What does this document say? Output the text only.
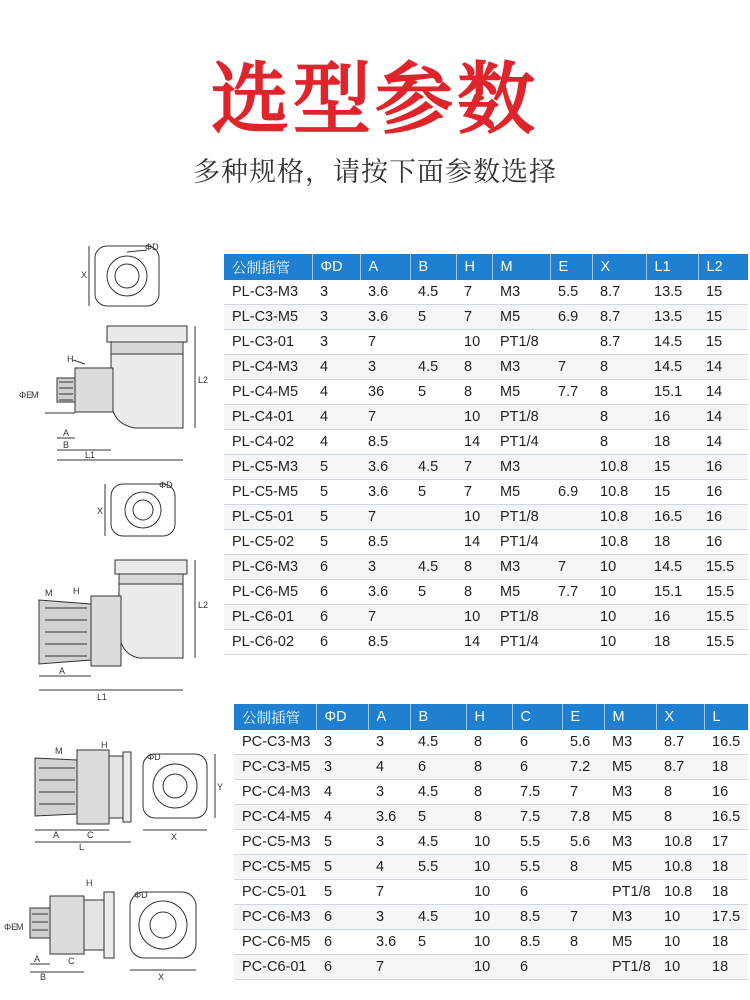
选型参数
多种规格，请按下面参数选择
X
ΦD
L2
H
ΦE
M
A
B
L1
X
ΦD
L2
M H
A
L1
M
H
A	C
L
ΦD
Y
X
ΦE
M
H
A
B
C
ΦD
X
公制插管	ΦD	A	B	H	M	E	X	L1	L2
PL-C3-M3	3	3.6	4.5	7	M3	5.5	8.7	13.5	15
PL-C3-M5	3	3.6	5	7	M5	6.9	8.7	13.5	15
PL-C3-01	3	7		10	PT1/8		8.7	14.5	15
PL-C4-M3	4	3	4.5	8	M3	7	8	14.5	14
PL-C4-M5	4	36	5	8	M5	7.7	8	15.1	14
PL-C4-01	4	7		10	PT1/8		8	16	14
PL-C4-02	4	8.5		14	PT1/4		8	18	14
PL-C5-M3	5	3.6	4.5	7	M3		10.8	15	16
PL-C5-M5	5	3.6	5	7	M5	6.9	10.8	15	16
PL-C5-01	5	7		10	PT1/8		10.8	16.5	16
PL-C5-02	5	8.5		14	PT1/4		10.8	18	16
PL-C6-M3	6	3	4.5	8	M3	7	10	14.5	15.5
PL-C6-M5	6	3.6	5	8	M5	7.7	10	15.1	15.5
PL-C6-01	6	7		10	PT1/8		10	16	15.5
PL-C6-02	6	8.5		14	PT1/4		10	18	15.5
公制插管	ΦD	A	B	H	C	E	M	X	L
PC-C3-M3	3	3	4.5	8	6	5.6	M3	8.7	16.5
PC-C3-M5	3	4	6	8	6	7.2	M5	8.7	18
PC-C4-M3	4	3	4.5	8	7.5	7	M3	8	16
PC-C4-M5	4	3.6	5	8	7.5	7.8	M5	8	16.5
PC-C5-M3	5	3	4.5	10	5.5	5.6	M3	10.8	17
PC-C5-M5	5	4	5.5	10	5.5	8	M5	10.8	18
PC-C5-01	5	7		10	6		PT1/8	10.8	18
PC-C6-M3	6	3	4.5	10	8.5	7	M3	10	17.5
PC-C6-M5	6	3.6	5	10	8.5	8	M5	10	18
PC-C6-01	6	7		10	6		PT1/8	10	18
